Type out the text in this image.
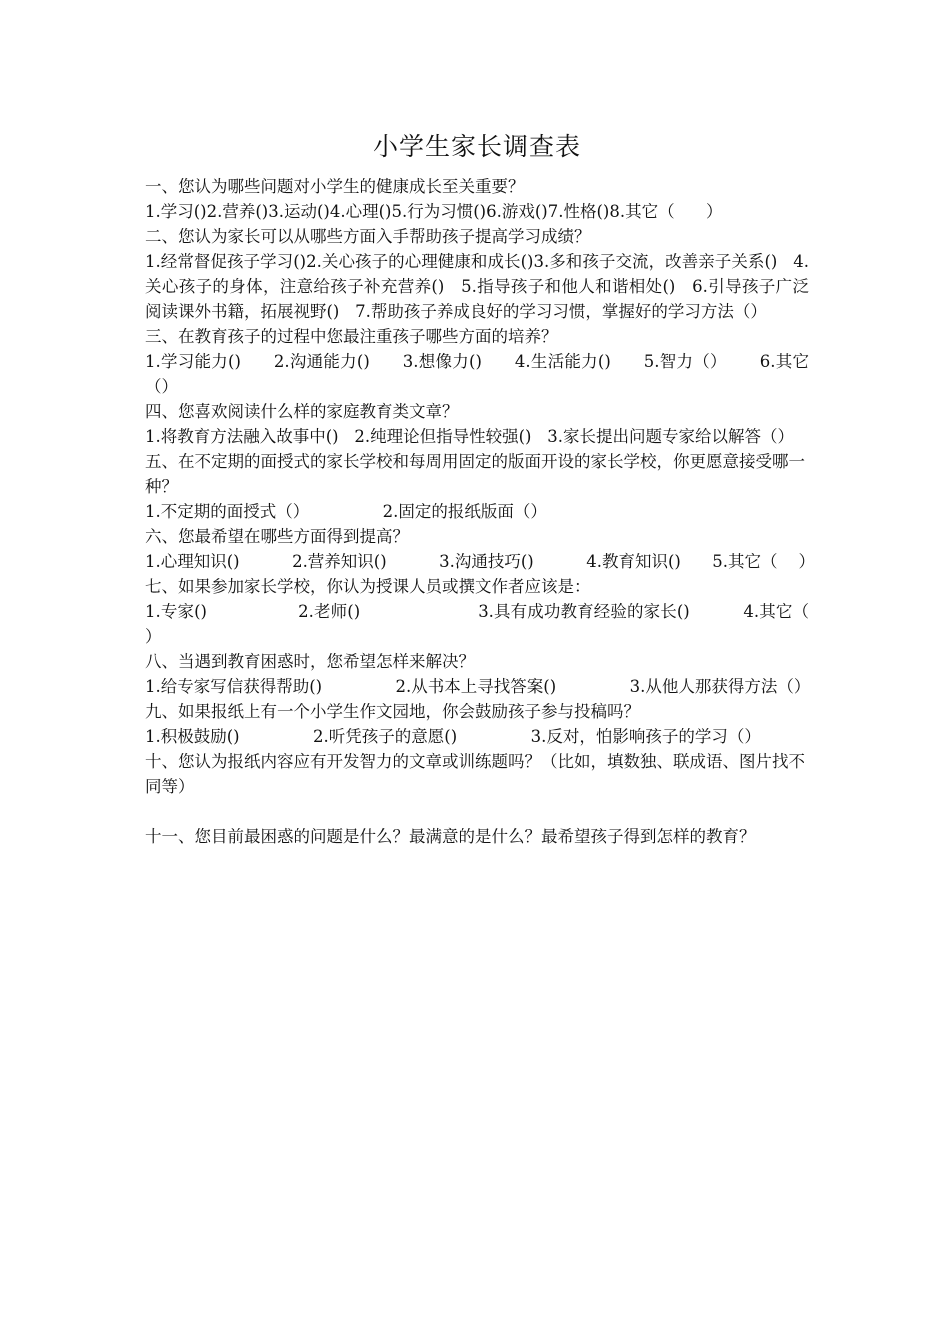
小学生家长调查表

一、您认为哪些问题对小学生的健康成长至关重要？

1.学习()2.营养()3.运动()4.心理()5.行为习惯()6.游戏()7.性格()8.其它（      ）

二、您认为家长可以从哪些方面入手帮助孩子提高学习成绩？

1.经常督促孩子学习()2.关心孩子的心理健康和成长()3.多和孩子交流，改善亲子关系()   4.关心孩子的身体，注意给孩子补充营养()   5.指导孩子和他人和谐相处()   6.引导孩子广泛阅读课外书籍，拓展视野()   7.帮助孩子养成良好的学习习惯，掌握好的学习方法（）

三、在教育孩子的过程中您最注重孩子哪些方面的培养？

1.学习能力()      2.沟通能力()      3.想像力()      4.生活能力()      5.智力（）      6.其它（）

四、您喜欢阅读什么样的家庭教育类文章？

1.将教育方法融入故事中()   2.纯理论但指导性较强()   3.家长提出问题专家给以解答（）

五、在不定期的面授式的家长学校和每周用固定的版面开设的家长学校，你更愿意接受哪一种？

1.不定期的面授式（）              2.固定的报纸版面（）

六、您最希望在哪些方面得到提高？

1.心理知识()          2.营养知识()          3.沟通技巧()          4.教育知识()      5.其它（    ）

七、如果参加家长学校，你认为授课人员或撰文作者应该是：

1.专家()                 2.老师()                      3.具有成功教育经验的家长()          4.其它（      ）

八、当遇到教育困惑时，您希望怎样来解决？

1.给专家写信获得帮助()              2.从书本上寻找答案()              3.从他人那获得方法（）

九、如果报纸上有一个小学生作文园地，你会鼓励孩子参与投稿吗？

1.积极鼓励()              2.听凭孩子的意愿()              3.反对，怕影响孩子的学习（）

十、您认为报纸内容应有开发智力的文章或训练题吗？（比如，填数独、联成语、图片找不同等）

十一、您目前最困惑的问题是什么？最满意的是什么？最希望孩子得到怎样的教育？
